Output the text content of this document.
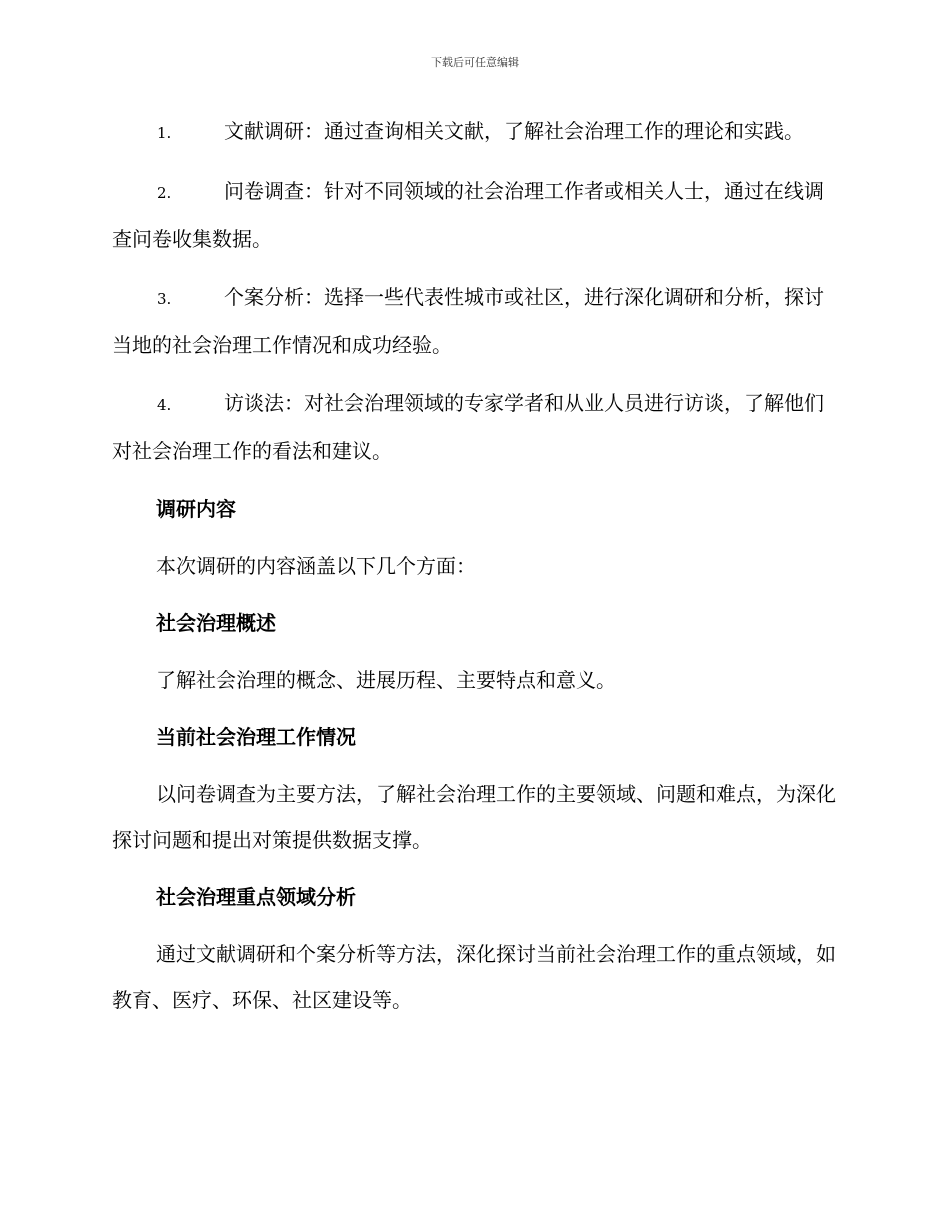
下载后可任意编辑

1.	文献调研：通过查询相关文献，了解社会治理工作的理论和实践。

2.	问卷调查：针对不同领域的社会治理工作者或相关人士，通过在线调查问卷收集数据。

3.	个案分析：选择一些代表性城市或社区，进行深化调研和分析，探讨当地的社会治理工作情况和成功经验。

4.	访谈法：对社会治理领域的专家学者和从业人员进行访谈，了解他们对社会治理工作的看法和建议。

调研内容

本次调研的内容涵盖以下几个方面：

社会治理概述

了解社会治理的概念、进展历程、主要特点和意义。

当前社会治理工作情况

以问卷调查为主要方法，了解社会治理工作的主要领域、问题和难点，为深化探讨问题和提出对策提供数据支撑。

社会治理重点领域分析

通过文献调研和个案分析等方法，深化探讨当前社会治理工作的重点领域，如教育、医疗、环保、社区建设等。
